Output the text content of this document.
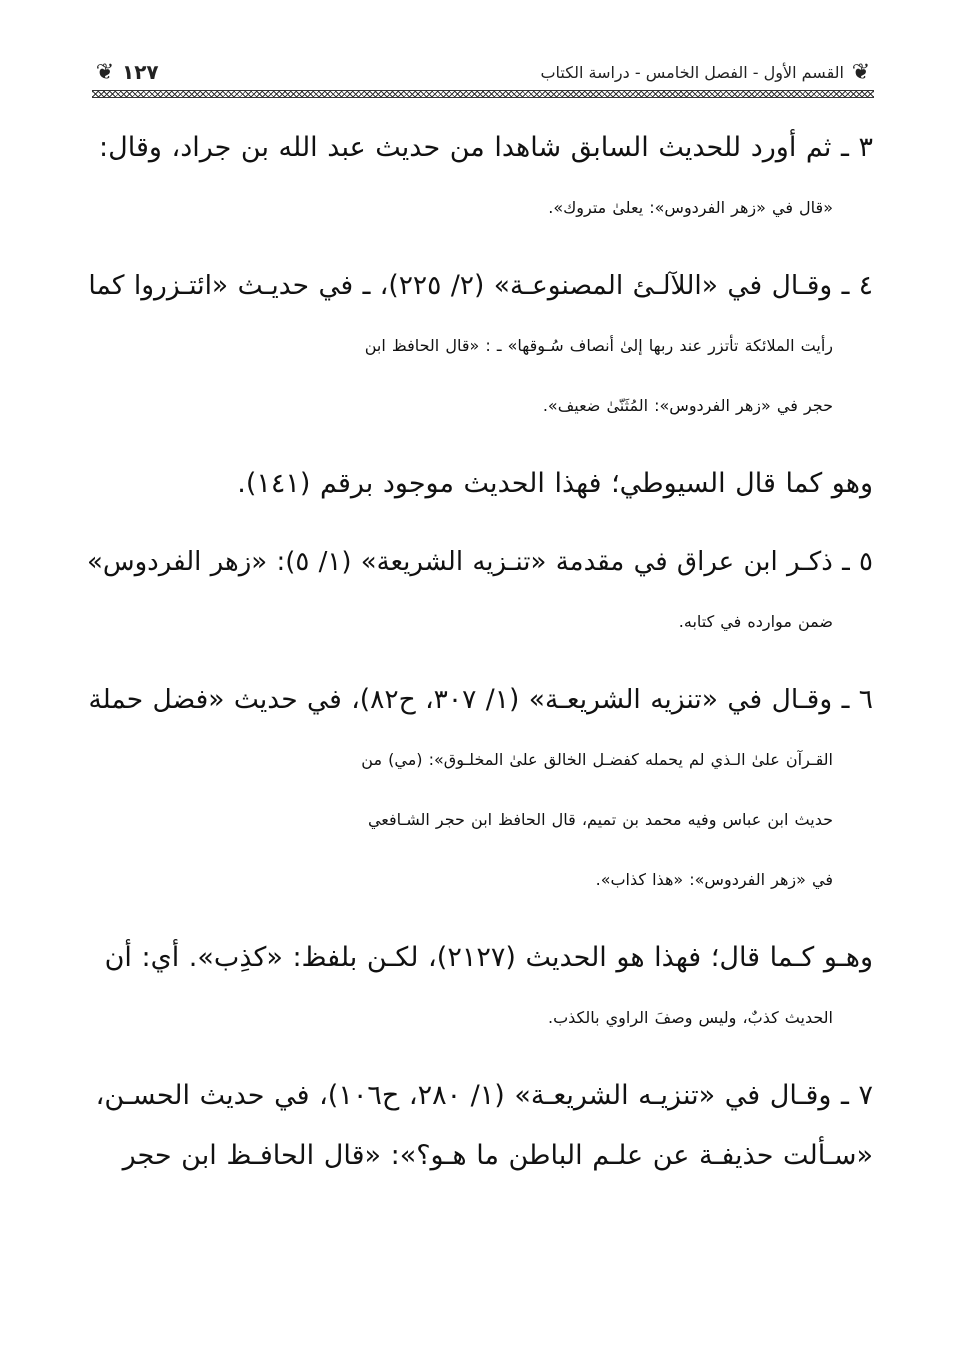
❦
القسم الأول - الفصل الخامس - دراسة الكتاب
١٢٧
❦

٣ ـ ثم أورد للحديث السابق شاهدا من حديث عبد الله بن جراد، وقال:
«قال في «زهر الفردوس»: يعلىٰ متروك».

٤ ـ وقـال في «اللآلـئ المصنوعـة» (٢/ ٢٢٥)، ـ في حديـث «ائتـزروا كما
رأيت الملائكة تأتزر عند ربها إلىٰ أنصاف سُـوقها» ـ : «قال الحافظ ابن
حجر في «زهر الفردوس»: المُثَنّىٰ ضعيف».

وهو كما قال السيوطي؛ فهذا الحديث موجود برقم (١٤١).

٥ ـ ذكـر ابن عراق في مقدمة «تنـزيه الشريعة» (١/ ٥): «زهر الفردوس»
ضمن موارده في كتابه.

٦ ـ وقـال في «تنزيه الشريعـة» (١/ ٣٠٧، ح٨٢)، في حديث «فضل حملة
القـرآن علىٰ الـذي لم يحمله كفضـل الخالق علىٰ المخلـوق»: (مي) من
حديث ابن عباس وفيه محمد بن تميم، قال الحافظ ابن حجر الشـافعي
في «زهر الفردوس»: «هذا كذاب».

وهـو كـما قال؛ فهذا هو الحديث (٢١٢٧)، لكـن بلفظ: «كذِب». أي: أن
الحديث كذبٌ، وليس وصفَ الراوي بالكذب.

٧ ـ وقـال في «تنزيـه الشريعـة» (١/ ٢٨٠، ح١٠٦)، في حديث الحسـن،
«سـألت حذيفـة عن علـم الباطن ما هـو؟»: «قال الحافـظ ابن حجر
